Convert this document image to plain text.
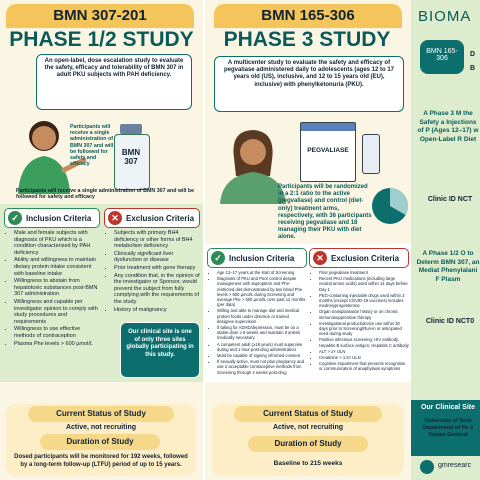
BMN 307-201
PHASE 1/2 STUDY
An open-label, dose escalation study to evaluate the safety, efficacy and tolerability of BMN 307 in adult PKU subjects with PAH deficiency.
BMN 307
Participants will receive a single administration of BMN 307 and will be followed for safety and efficacy
Participants will receive a single administration of BMN 307 and will be followed for safety and efficacy
✓ Inclusion Criteria	✕ Exclusion Criteria
• Male and female subjects with diagnosis of PKU which is a condition characterized by PAH deficiency
• Ability and willingness to maintain dietary protein intake consistent with baseline intake
• Willingness to abstain from hepatotoxic substances post-BMN 307 administration
• Willingness and capable per investigator opinion to comply with study procedures and requirements
• Willingness to use effective methods of contraception
• Plasma Phe levels > 600 µmol/L
• Subjects with primary BH4 deficiency or other forms of BH4 metabolism deficiency
• Clinically significant liver dysfunction or disease
• Prior treatment with gene therapy
• Any condition that, in the opinion of the investigator or Sponsor, would prevent the subject from fully complying with the requirements of the study
• History of malignancy
Our clinical site is one of only three sites globally participating in this study.
Current Status of Study
Active, not recruiting
Duration of Study
Dosed participants will be monitored for 192 weeks, followed by a long-term follow-up (LTFU) period of up to 15 years.
BMN 165-306
PHASE 3 STUDY
A multicenter study to evaluate the safety and efficacy of pegvaliase administered daily to adolescents (ages 12 to 17 years old (US), inclusive, and 12 to 15 years old (EU), inclusive) with phenylketonuria (PKU).
PEGVALIASE
Participants will be randomized in a 2:1 ratio to the active (pegvaliase) and control (diet-only) treatment arms, respectively, with 36 participants receiving pegvaliase and 18 managing their PKU with diet alone.
✓ Inclusion Criteria	✕ Exclusion Criteria
• Age 12–17 years at the start of Screening
• Diagnosis of PKU and Poor control despite management with sapropterin and Phe-restricted diet demonstrated by two blood Phe levels > 600 µmol/L during Screening and average Phe > 600 µmol/L over past 12 months (per data)
• Willing and able to manage diet and medical protein foods under direction or trained designee supervision
• If taking for ADHD/depression, must be on a stable dose ≥ 8 weeks and maintain it unless medically necessary
• A competent adult (≥18 years) must supervise during and 1 hour post-drug administration
• Must be capable of signing informed consent
• If sexually active, must not plan pregnancy and use 2 acceptable contraceptive methods from Screening through 4 weeks post-drug
• Prior pegvaliase treatment
• Recent PKU medications (including large neutral amino acids) used within 14 days before Day 1
• PEG-containing injectable drugs used within 3 months (except COVID-19 vaccines) includes medroxyprogesterone
• Organ transplantation history or on chronic immunosuppressive therapy
• Investigational product/device use within 30 days prior to Screening/Run-in or anticipated need during study
• Positive infectious screening: HIV antibody, Hepatitis B surface antigen, Hepatitis C antibody
• ALT > 2× ULN
• Creatinine > 1.5× ULN
• Cognitive impairment that prevents recognition or communication of anaphylaxis symptoms
Current Status of Study
Active, not recruiting
Duration of Study
Baseline to 215 weeks
BIOMA
BMN 165-306
D
B
A Phase 3 M the Safety a Injections of P (Ages 12–17) w Open-Label R Diet
Clinic ID NCT
A Phase 1/2 O to Determ BMN 307, an Mediat Phenylalani F Plasm
Clinic ID NCT0
Our Clinical Site
University of Sout Department of Pe 2 Tampa General
gmresearc
